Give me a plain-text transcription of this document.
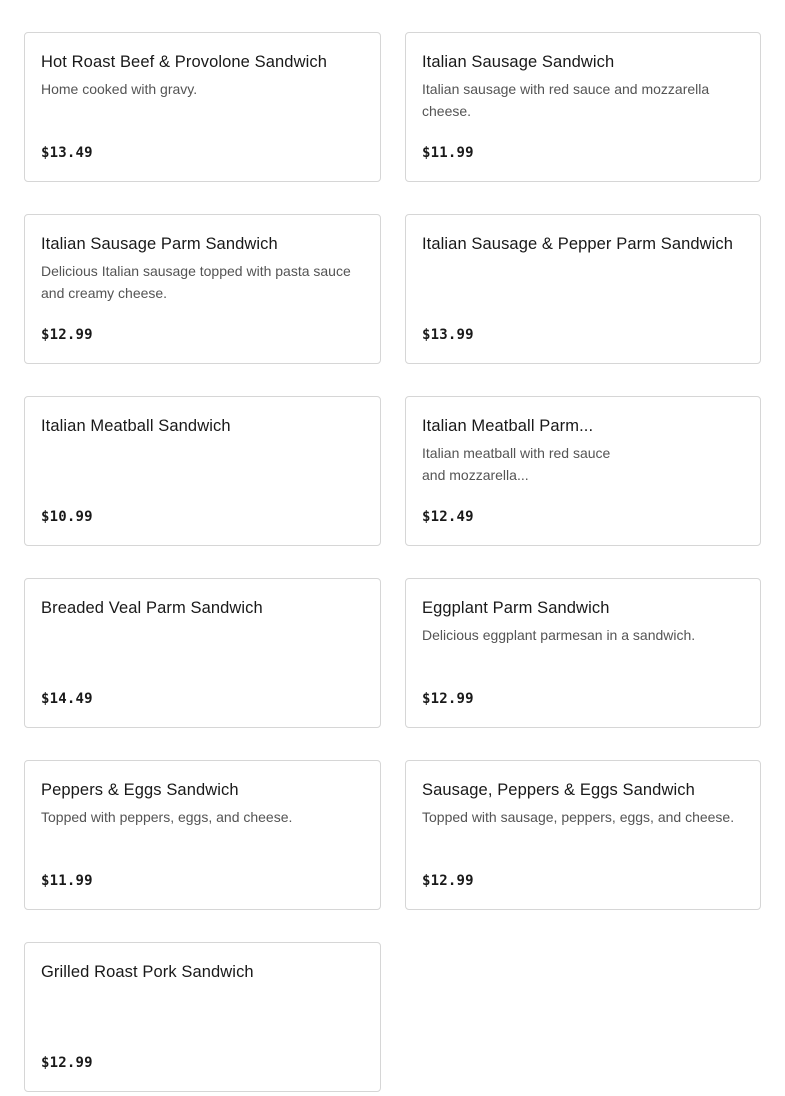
Hot Roast Beef & Provolone Sandwich
Home cooked with gravy.
$13.49
Italian Sausage Sandwich
Italian sausage with red sauce and mozzarella cheese.
$11.99
Italian Sausage Parm Sandwich
Delicious Italian sausage topped with pasta sauce and creamy cheese.
$12.99
Italian Sausage & Pepper Parm Sandwich
$13.99
Italian Meatball Sandwich
$10.99
Italian Meatball Parm...
Italian meatball with red sauce and mozzarella...
$12.49
Breaded Veal Parm Sandwich
$14.49
Eggplant Parm Sandwich
Delicious eggplant parmesan in a sandwich.
$12.99
Peppers & Eggs Sandwich
Topped with peppers, eggs, and cheese.
$11.99
Sausage, Peppers & Eggs Sandwich
Topped with sausage, peppers, eggs, and cheese.
$12.99
Grilled Roast Pork Sandwich
$12.99
